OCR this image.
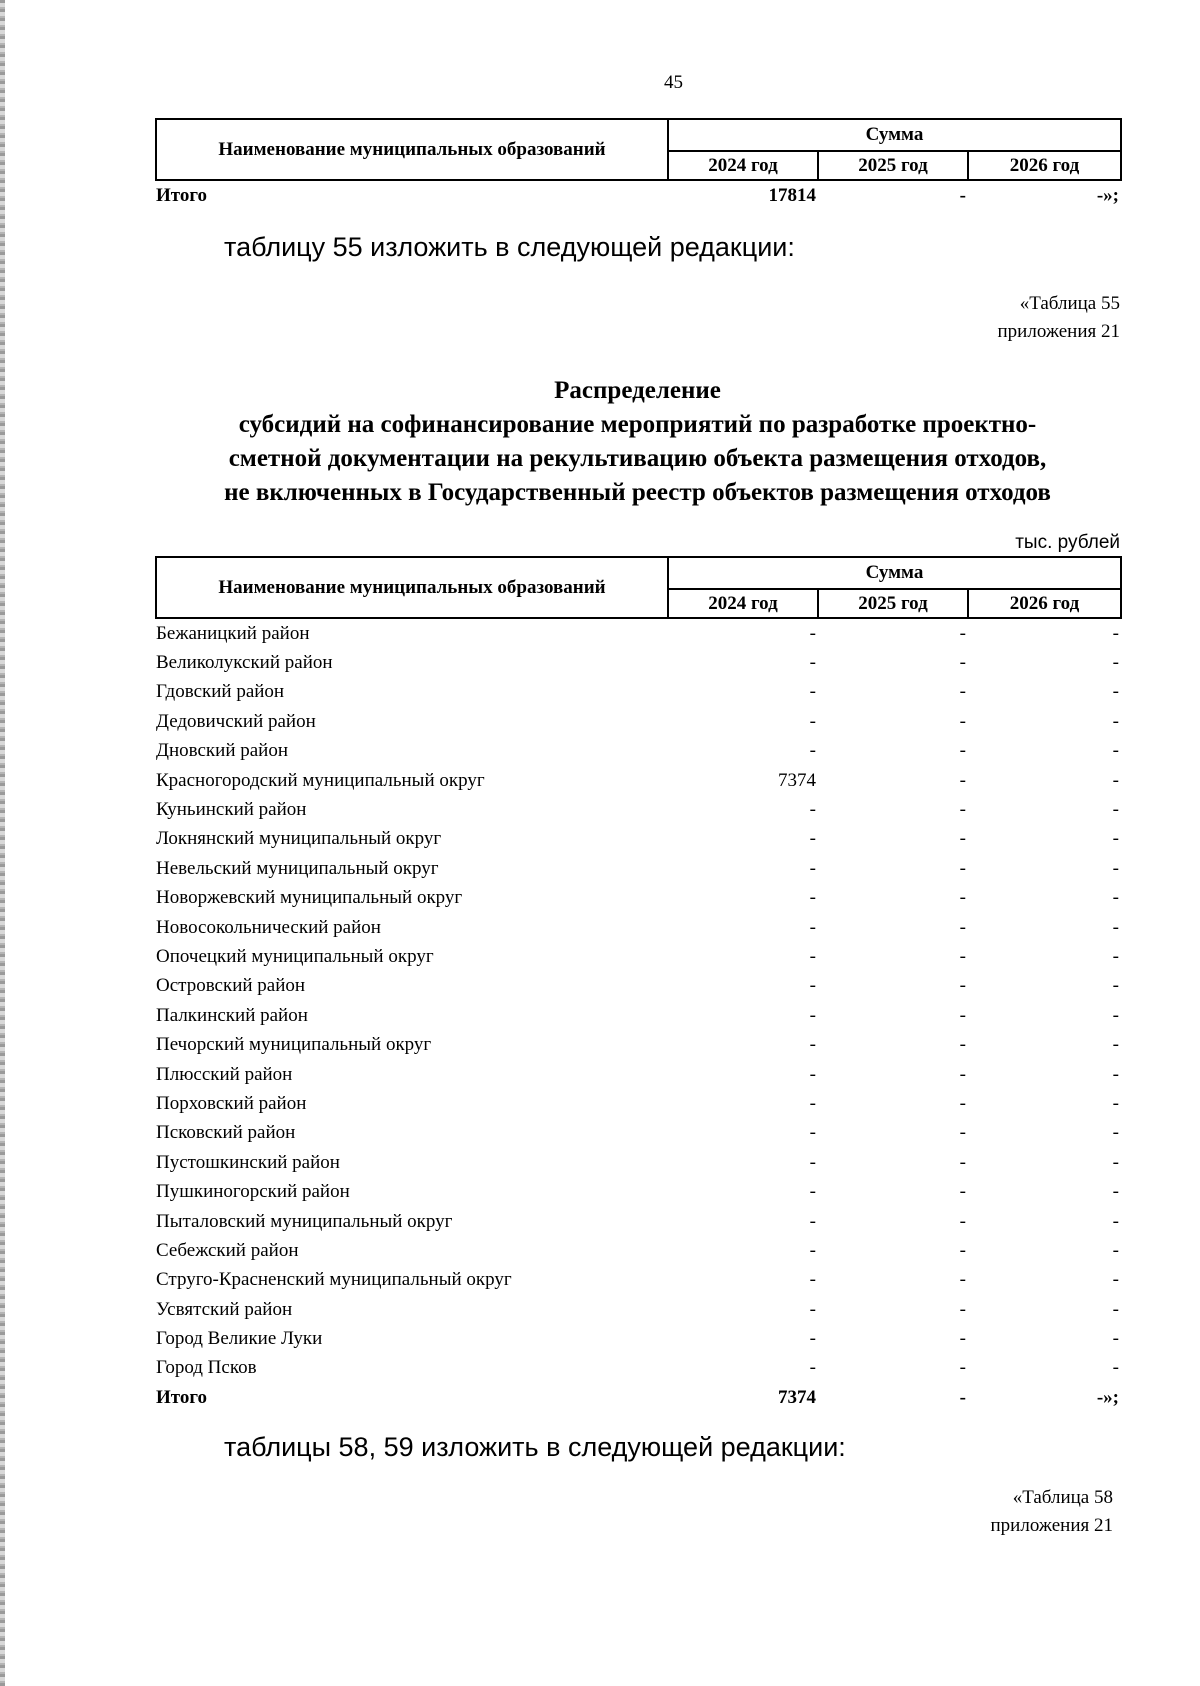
45
Наименование муниципальных образований	Сумма		
	2024 год	2025 год	2026 год
Итого	17814	-	-»;
таблицу 55 изложить в следующей редакции:
«Таблица 55
приложения 21
Распределение
субсидий на софинансирование мероприятий по разработке проектно-
сметной документации на рекультивацию объекта размещения отходов,
не включенных в Государственный реестр объектов размещения отходов
тыс. рублей
Наименование муниципальных образований	Сумма		
	2024 год	2025 год	2026 год
Бежаницкий район	-	-	-
Великолукский район	-	-	-
Гдовский район	-	-	-
Дедовичский район	-	-	-
Дновский район	-	-	-
Красногородский муниципальный округ	7374	-	-
Куньинский район	-	-	-
Локнянский муниципальный округ	-	-	-
Невельский муниципальный округ	-	-	-
Новоржевский муниципальный округ	-	-	-
Новосокольнический район	-	-	-
Опочецкий муниципальный округ	-	-	-
Островский район	-	-	-
Палкинский район	-	-	-
Печорский муниципальный округ	-	-	-
Плюсский район	-	-	-
Порховский район	-	-	-
Псковский район	-	-	-
Пустошкинский район	-	-	-
Пушкиногорский район	-	-	-
Пыталовский муниципальный округ	-	-	-
Себежский район	-	-	-
Струго-Красненский муниципальный округ	-	-	-
Усвятский район	-	-	-
Город Великие Луки	-	-	-
Город Псков	-	-	-
Итого	7374	-	-»;
таблицы 58, 59 изложить в следующей редакции:
«Таблица 58
приложения 21
